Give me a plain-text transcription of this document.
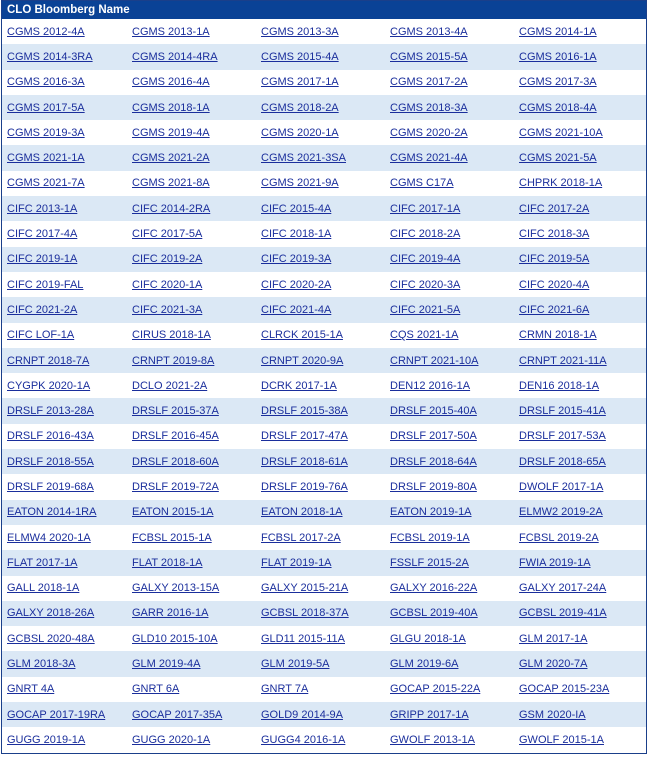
CLO Bloomberg Name
CGMS 2012-4A	CGMS 2013-1A	CGMS 2013-3A	CGMS 2013-4A	CGMS 2014-1A
CGMS 2014-3RA	CGMS 2014-4RA	CGMS 2015-4A	CGMS 2015-5A	CGMS 2016-1A
CGMS 2016-3A	CGMS 2016-4A	CGMS 2017-1A	CGMS 2017-2A	CGMS 2017-3A
CGMS 2017-5A	CGMS 2018-1A	CGMS 2018-2A	CGMS 2018-3A	CGMS 2018-4A
CGMS 2019-3A	CGMS 2019-4A	CGMS 2020-1A	CGMS 2020-2A	CGMS 2021-10A
CGMS 2021-1A	CGMS 2021-2A	CGMS 2021-3SA	CGMS 2021-4A	CGMS 2021-5A
CGMS 2021-7A	CGMS 2021-8A	CGMS 2021-9A	CGMS C17A	CHPRK 2018-1A
CIFC 2013-1A	CIFC 2014-2RA	CIFC 2015-4A	CIFC 2017-1A	CIFC 2017-2A
CIFC 2017-4A	CIFC 2017-5A	CIFC 2018-1A	CIFC 2018-2A	CIFC 2018-3A
CIFC 2019-1A	CIFC 2019-2A	CIFC 2019-3A	CIFC 2019-4A	CIFC 2019-5A
CIFC 2019-FAL	CIFC 2020-1A	CIFC 2020-2A	CIFC 2020-3A	CIFC 2020-4A
CIFC 2021-2A	CIFC 2021-3A	CIFC 2021-4A	CIFC 2021-5A	CIFC 2021-6A
CIFC LOF-1A	CIRUS 2018-1A	CLRCK 2015-1A	CQS 2021-1A	CRMN 2018-1A
CRNPT 2018-7A	CRNPT 2019-8A	CRNPT 2020-9A	CRNPT 2021-10A	CRNPT 2021-11A
CYGPK 2020-1A	DCLO 2021-2A	DCRK 2017-1A	DEN12 2016-1A	DEN16 2018-1A
DRSLF 2013-28A	DRSLF 2015-37A	DRSLF 2015-38A	DRSLF 2015-40A	DRSLF 2015-41A
DRSLF 2016-43A	DRSLF 2016-45A	DRSLF 2017-47A	DRSLF 2017-50A	DRSLF 2017-53A
DRSLF 2018-55A	DRSLF 2018-60A	DRSLF 2018-61A	DRSLF 2018-64A	DRSLF 2018-65A
DRSLF 2019-68A	DRSLF 2019-72A	DRSLF 2019-76A	DRSLF 2019-80A	DWOLF 2017-1A
EATON 2014-1RA	EATON 2015-1A	EATON 2018-1A	EATON 2019-1A	ELMW2 2019-2A
ELMW4 2020-1A	FCBSL 2015-1A	FCBSL 2017-2A	FCBSL 2019-1A	FCBSL 2019-2A
FLAT 2017-1A	FLAT 2018-1A	FLAT 2019-1A	FSSLF 2015-2A	FWIA 2019-1A
GALL 2018-1A	GALXY 2013-15A	GALXY 2015-21A	GALXY 2016-22A	GALXY 2017-24A
GALXY 2018-26A	GARR 2016-1A	GCBSL 2018-37A	GCBSL 2019-40A	GCBSL 2019-41A
GCBSL 2020-48A	GLD10 2015-10A	GLD11 2015-11A	GLGU 2018-1A	GLM 2017-1A
GLM 2018-3A	GLM 2019-4A	GLM 2019-5A	GLM 2019-6A	GLM 2020-7A
GNRT 4A	GNRT 6A	GNRT 7A	GOCAP 2015-22A	GOCAP 2015-23A
GOCAP 2017-19RA	GOCAP 2017-35A	GOLD9 2014-9A	GRIPP 2017-1A	GSM 2020-IA
GUGG 2019-1A	GUGG 2020-1A	GUGG4 2016-1A	GWOLF 2013-1A	GWOLF 2015-1A
